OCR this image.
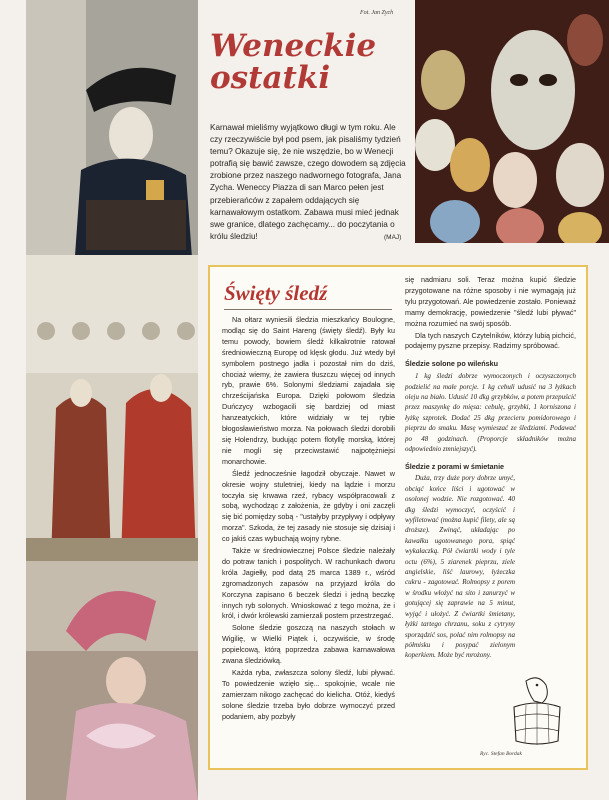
Fot. Jan Zych
Weneckie
ostatki

Karnawał mieliśmy wyjątkowo długi w tym roku. Ale czy rzeczywiście był pod psem, jak pisaliśmy tydzień temu? Okazuje się, że nie wszędzie, bo w Wenecji potrafią się bawić zawsze, czego dowodem są zdjęcia zrobione przez naszego nadwornego fotografa, Jana Zycha. Weneccy Piazza di san Marco pełen jest przebierańców z zapałem oddających się karnawałowym ostatkom. Zabawa musi mieć jednak swe granice, dlatego zachęcamy... do poczytania o królu śledziu!	(MAJ)
Święty śledź

Na ołtarz wyniesili śledzia mieszkańcy Boulogne, modląc się do Saint Hareng (święty śledź). Były ku temu powody, bowiem śledź kilkakrotnie ratował średniowieczną Europę od klęsk głodu. Już wtedy był symbolem postnego jadła i pozostał nim do dziś, chociaż wiemy, że zawiera tłuszczu więcej od innych ryb, prawie 6%. Solonymi śledziami zajadała się chrześcijańska Europa. Dzięki połowom śledzia Duńczycy wzbogacili się bardziej od miast hanzeatyckich, które widziały w tej rybie błogosławieństwo morza. Na połowach śledzi dorobili się Holendrzy, budując potem flotyllę morską, której nie mogli się przeciwstawić najpotężniejsi monarchowie.

Śledź jednocześnie łagodził obyczaje. Nawet w okresie wojny stuletniej, kiedy na lądzie i morzu toczyła się krwawa rzeź, rybacy współpracowali z sobą, wychodząc z założenia, że gdyby i oni zaczęli się bić pomiędzy sobą - "ustałyby przypływy i odpływy morza". Szkoda, że tej zasady nie stosuje się dzisiaj i co jakiś czas wybuchają wojny rybne.

Także w średniowiecznej Polsce śledzie należały do potraw tanich i pospolitych. W rachunkach dworu króla Jagiełły, pod datą 25 marca 1389 r., wśród zgromadzonych zapasów na przyjazd króla do Korczyna zapisano 6 beczek śledzi i jedną beczkę innych ryb solonych. Wnioskować z tego można, że i król, i dwór królewski zamierzali postem przestrzegać.

Solone śledzie goszczą na naszych stołach w Wigilię, w Wielki Piątek i, oczywiście, w środę popielcową, którą poprzedza zabawa karnawałowa zwana śledziówką.

Każda ryba, zwłaszcza solony śledź, lubi pływać. To powiedzenie wzięło się... spokojnie, wcale nie zamierzam nikogo zachęcać do kielicha. Otóż, kiedyś solone śledzie trzeba było dobrze wymoczyć przed podaniem, aby pozbyły

się nadmiaru soli. Teraz można kupić śledzie przygotowane na różne sposoby i nie wymagają już tylu przygotowań. Ale powiedzenie zostało. Ponieważ mamy demokrację, powiedzenie "śledź lubi pływać" można rozumieć na swój sposób.

Dla tych naszych Czytelników, którzy lubią pichcić, podajemy pyszne przepisy. Radzimy spróbować.

Śledzie solone po wileńsku

1 kg śledzi dobrze wymoczonych i oczyszczonych podzielić na małe porcje. 1 kg cebuli udusić na 3 łyżkach oleju na biało. Udusić 10 dkg grzybków, a potem przepuścić przez maszynkę do mięsa: cebulę, grzybki, 1 korniszona i łyżkę szprotek. Dodać 25 dkg przecieru pomidorowego i pieprzu do smaku. Masę wymieszać ze śledziami. Podawać po 48 godzinach. (Proporcje składników można odpowiednio zmniejszyć).

Śledzie z porami w śmietanie

Duża, trzy duże pory dobrze umyć, obciąć końce liści i ugotować w osolonej wodzie. Nie rozgotować. 40 dkg śledzi wymoczyć, oczyścić i wyfiletować (można kupić filety, ale są droższe). Zwinąć, układając po kawałku ugotowanego pora, spiąć wykałaczką. Pół ćwiartki wody i tyle octu (6%), 5 ziarenek pieprzu, ziele angielskie, liść laurowy, łyżeczka cukru - zagotować. Rolmopsy z porem w środku włożyć na sito i zanurzyć w gotującej się zaprawie na 5 minut, wyjąć i ułożyć. Z ćwiartki śmietany, łyżki tartego chrzanu, soku z cytryny sporządzić sos, polać nim rolmopsy na półmisku i posypać zielonym koperkiem. Może być mrożony.

Ryc. Stefan Bordak
